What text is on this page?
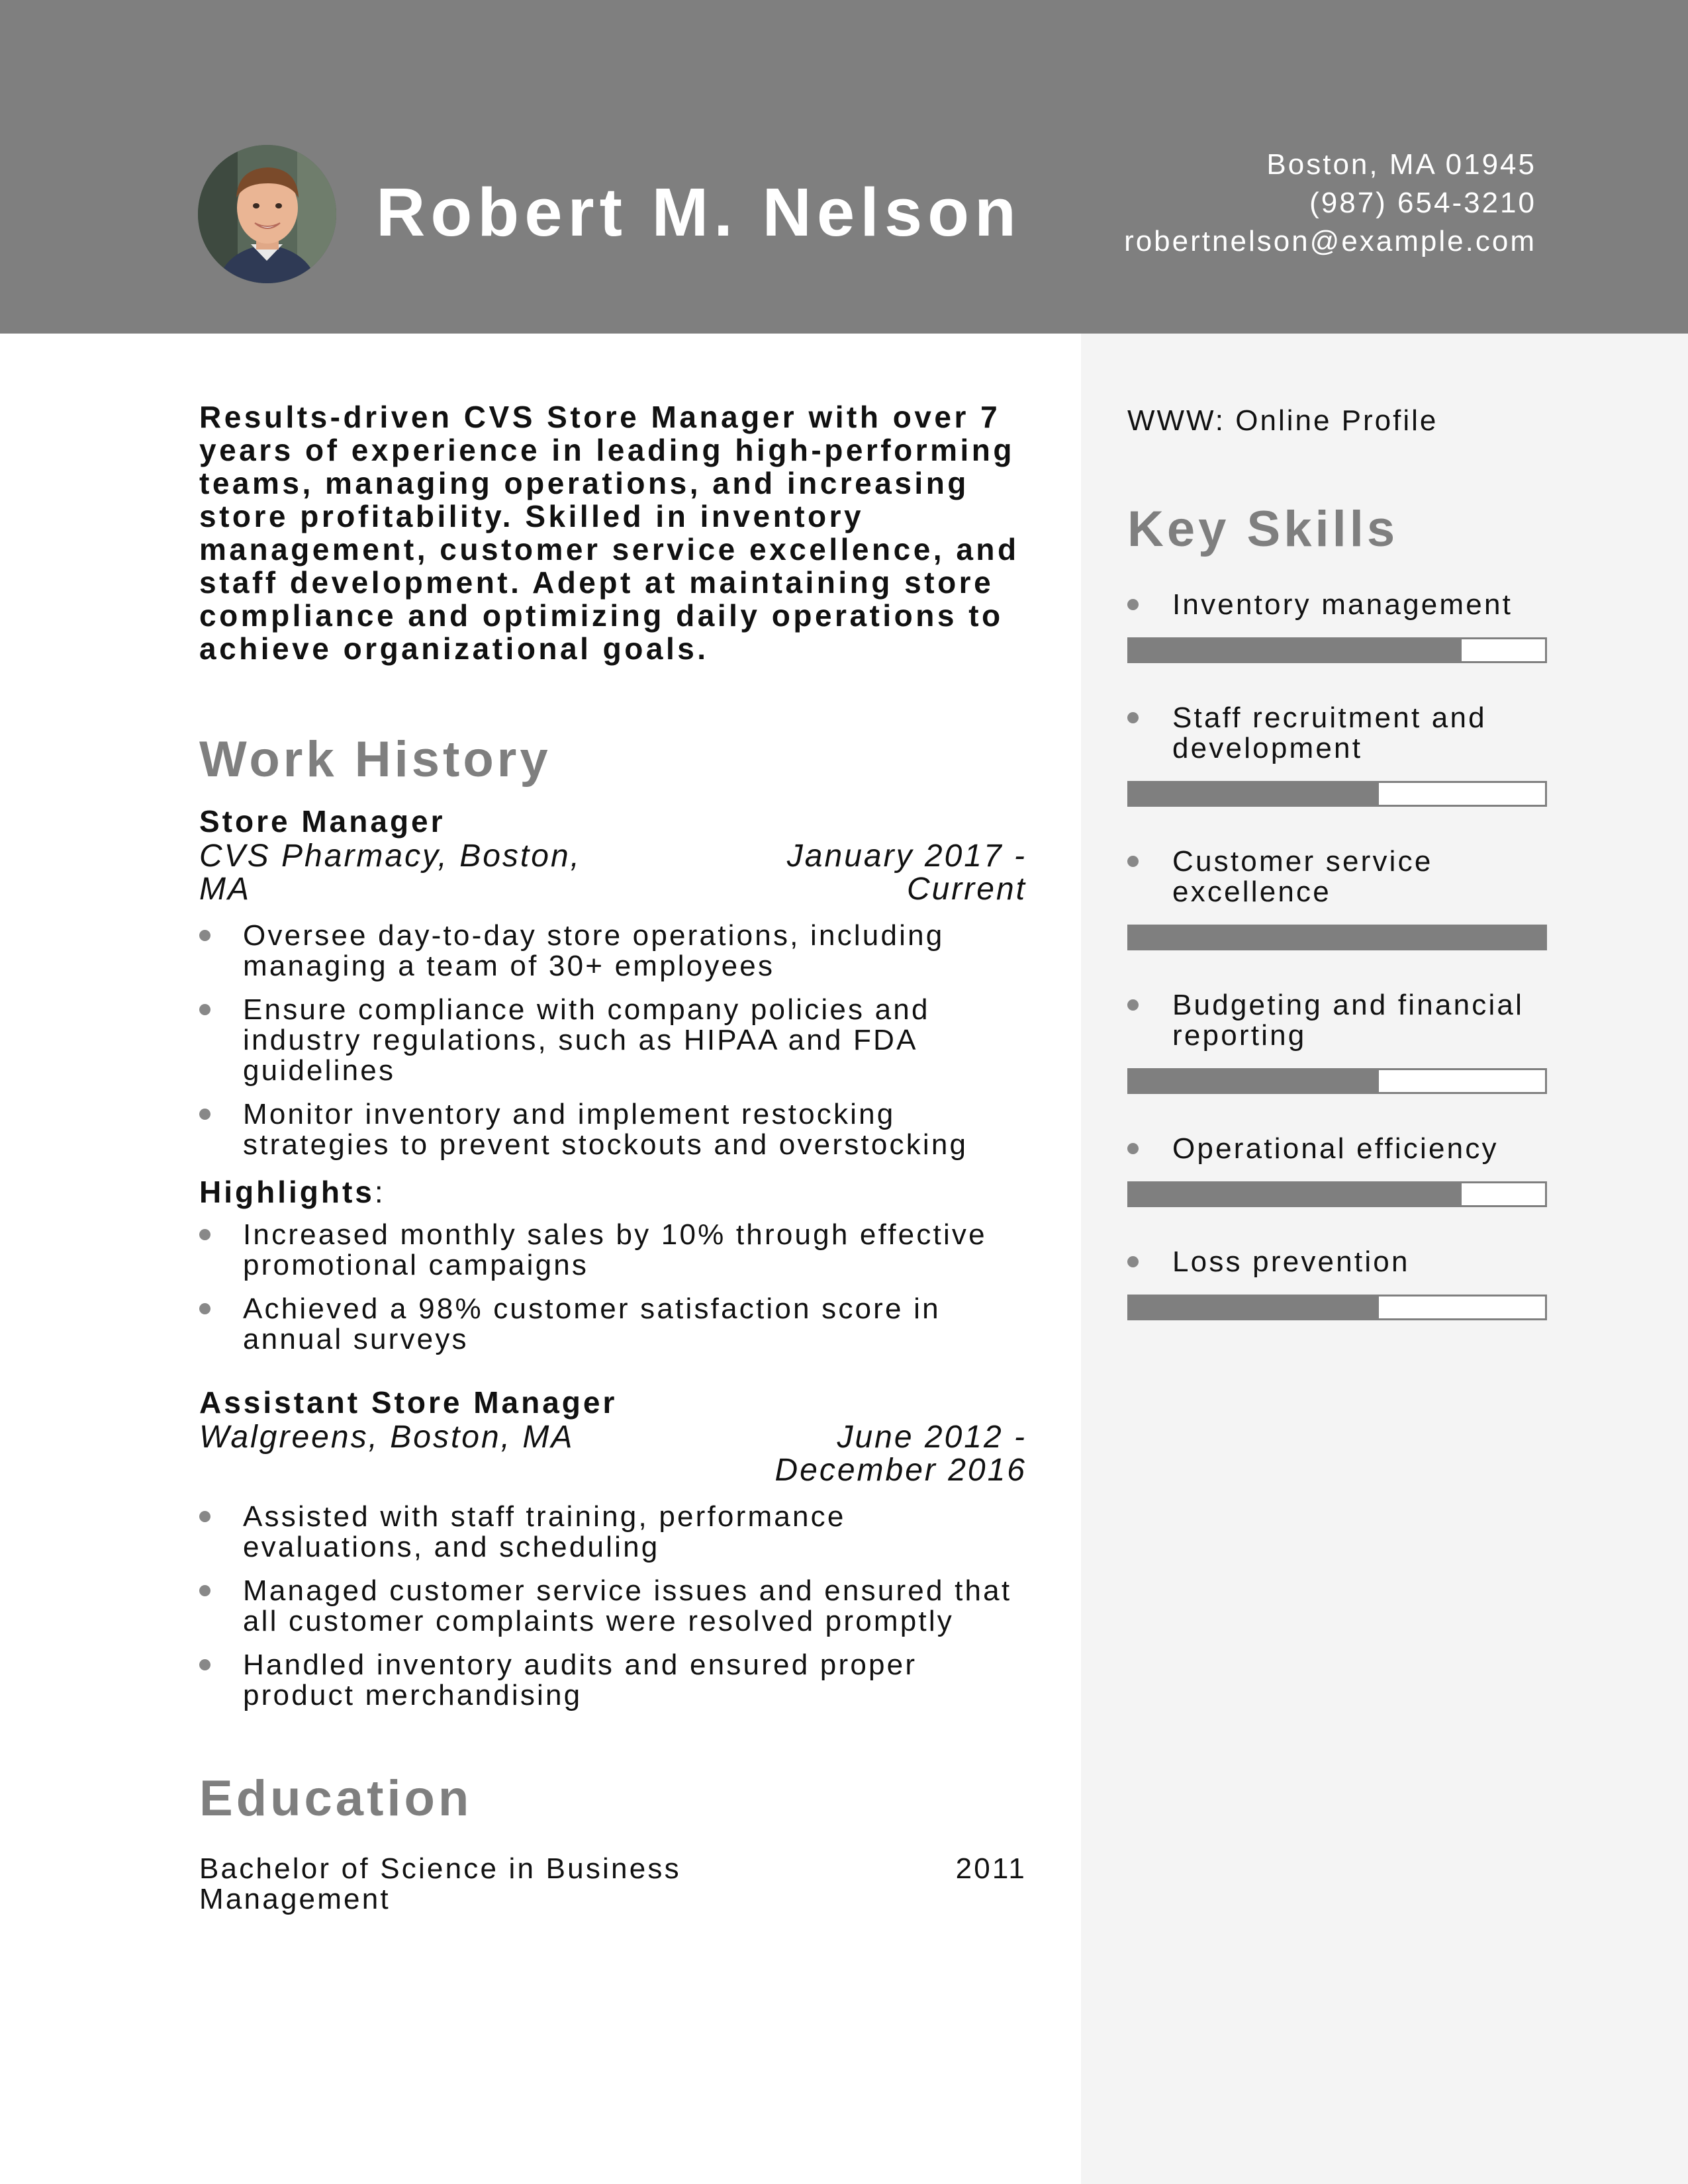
Robert M. Nelson
Boston, MA 01945
(987) 654-3210
robertnelson@example.com

Results-driven CVS Store Manager with over 7 years of experience in leading high-performing teams, managing operations, and increasing store profitability. Skilled in inventory management, customer service excellence, and staff development. Adept at maintaining store compliance and optimizing daily operations to achieve organizational goals.

Work History
Store Manager
CVS Pharmacy, Boston, MA
January 2017 - Current
Oversee day-to-day store operations, including managing a team of 30+ employees
Ensure compliance with company policies and industry regulations, such as HIPAA and FDA guidelines
Monitor inventory and implement restocking strategies to prevent stockouts and overstocking

Highlights:

Increased monthly sales by 10% through effective promotional campaigns
Achieved a 98% customer satisfaction score in annual surveys
Assistant Store Manager
Walgreens, Boston, MA	June 2012 - December 2016
Assisted with staff training, performance evaluations, and scheduling
Managed customer service issues and ensured that all customer complaints were resolved promptly
Handled inventory audits and ensured proper product merchandising
Education
Bachelor of Science in Business Management
2011

WWW: Online Profile

Key Skills
Inventory management
Staff recruitment and development
Customer service excellence
Budgeting and financial reporting
Operational efficiency
Loss prevention
